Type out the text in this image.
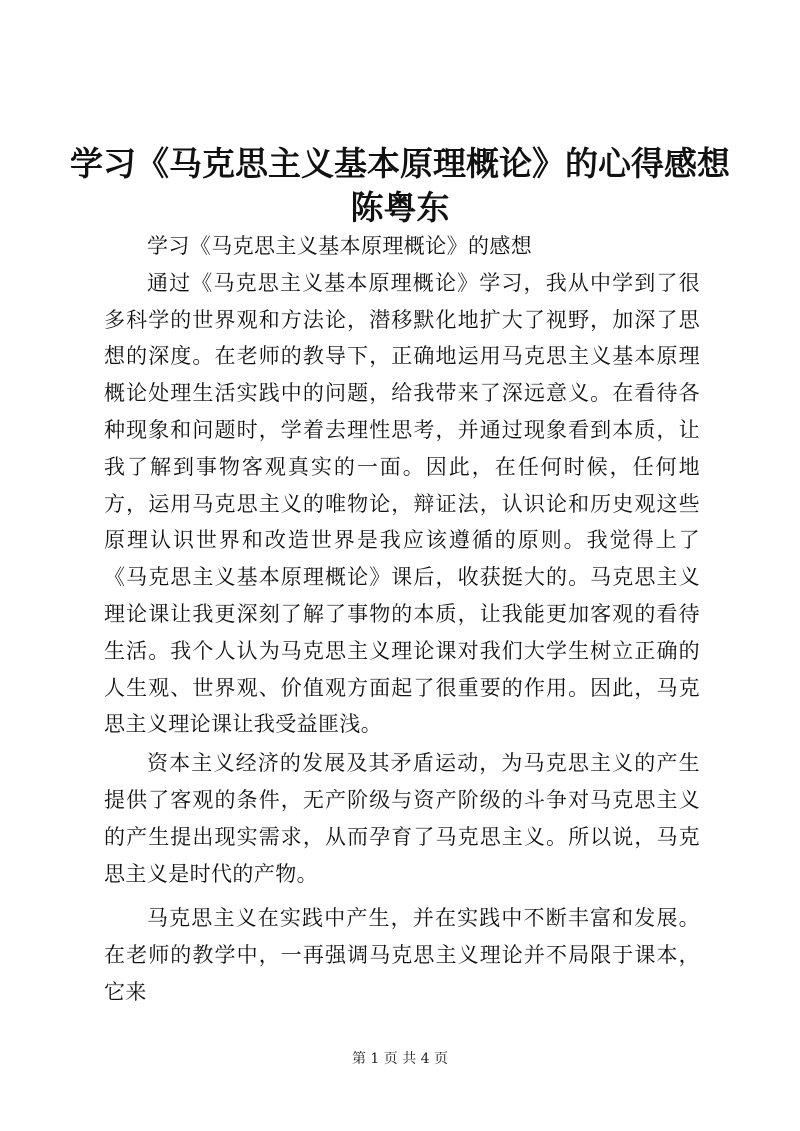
学习《马克思主义基本原理概论》的心得感想
陈粤东

学习《马克思主义基本原理概论》的感想

通过《马克思主义基本原理概论》学习，我从中学到了很多科学的世界观和方法论，潜移默化地扩大了视野，加深了思想的深度。在老师的教导下，正确地运用马克思主义基本原理概论处理生活实践中的问题，给我带来了深远意义。在看待各种现象和问题时，学着去理性思考，并通过现象看到本质，让我了解到事物客观真实的一面。因此，在任何时候，任何地方，运用马克思主义的唯物论，辩证法，认识论和历史观这些原理认识世界和改造世界是我应该遵循的原则。我觉得上了《马克思主义基本原理概论》课后，收获挺大的。马克思主义理论课让我更深刻了解了事物的本质，让我能更加客观的看待生活。我个人认为马克思主义理论课对我们大学生树立正确的人生观、世界观、价值观方面起了很重要的作用。因此，马克思主义理论课让我受益匪浅。

资本主义经济的发展及其矛盾运动，为马克思主义的产生提供了客观的条件，无产阶级与资产阶级的斗争对马克思主义的产生提出现实需求，从而孕育了马克思主义。所以说，马克思主义是时代的产物。

马克思主义在实践中产生，并在实践中不断丰富和发展。在老师的教学中，一再强调马克思主义理论并不局限于课本，它来

第 1 页 共 4 页
